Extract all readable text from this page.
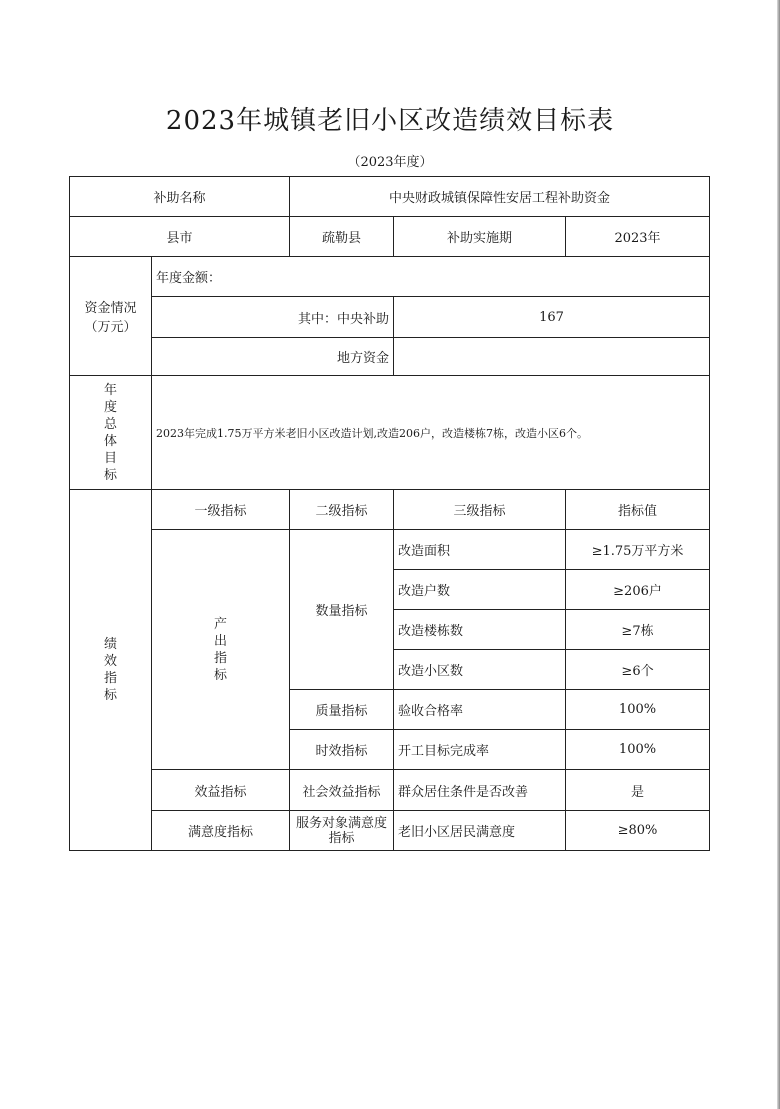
2023年城镇老旧小区改造绩效目标表
（2023年度）
补助名称		中央财政城镇保障性安居工程补助资金		
县市		疏勒县	补助实施期	2023年
资金情况（万元）	年度金额：			
	其中：中央补助		167	
	地方资金			

年度总体目标	2023年完成1.75万平方米老旧小区改造计划,改造206户，改造楼栋7栋，改造小区6个。			

绩效指标	一级指标	二级指标	三级指标	指标值

	产出指标	数量指标	改造面积	≥1.75万平方米
			改造户数	≥206户
			改造楼栋数	≥7栋
			改造小区数	≥6个
		质量指标	验收合格率	100%
		时效指标	开工目标完成率	100%
	效益指标	社会效益指标	群众居住条件是否改善	是
	满意度指标	服务对象满意度指标	老旧小区居民满意度	≥80%
